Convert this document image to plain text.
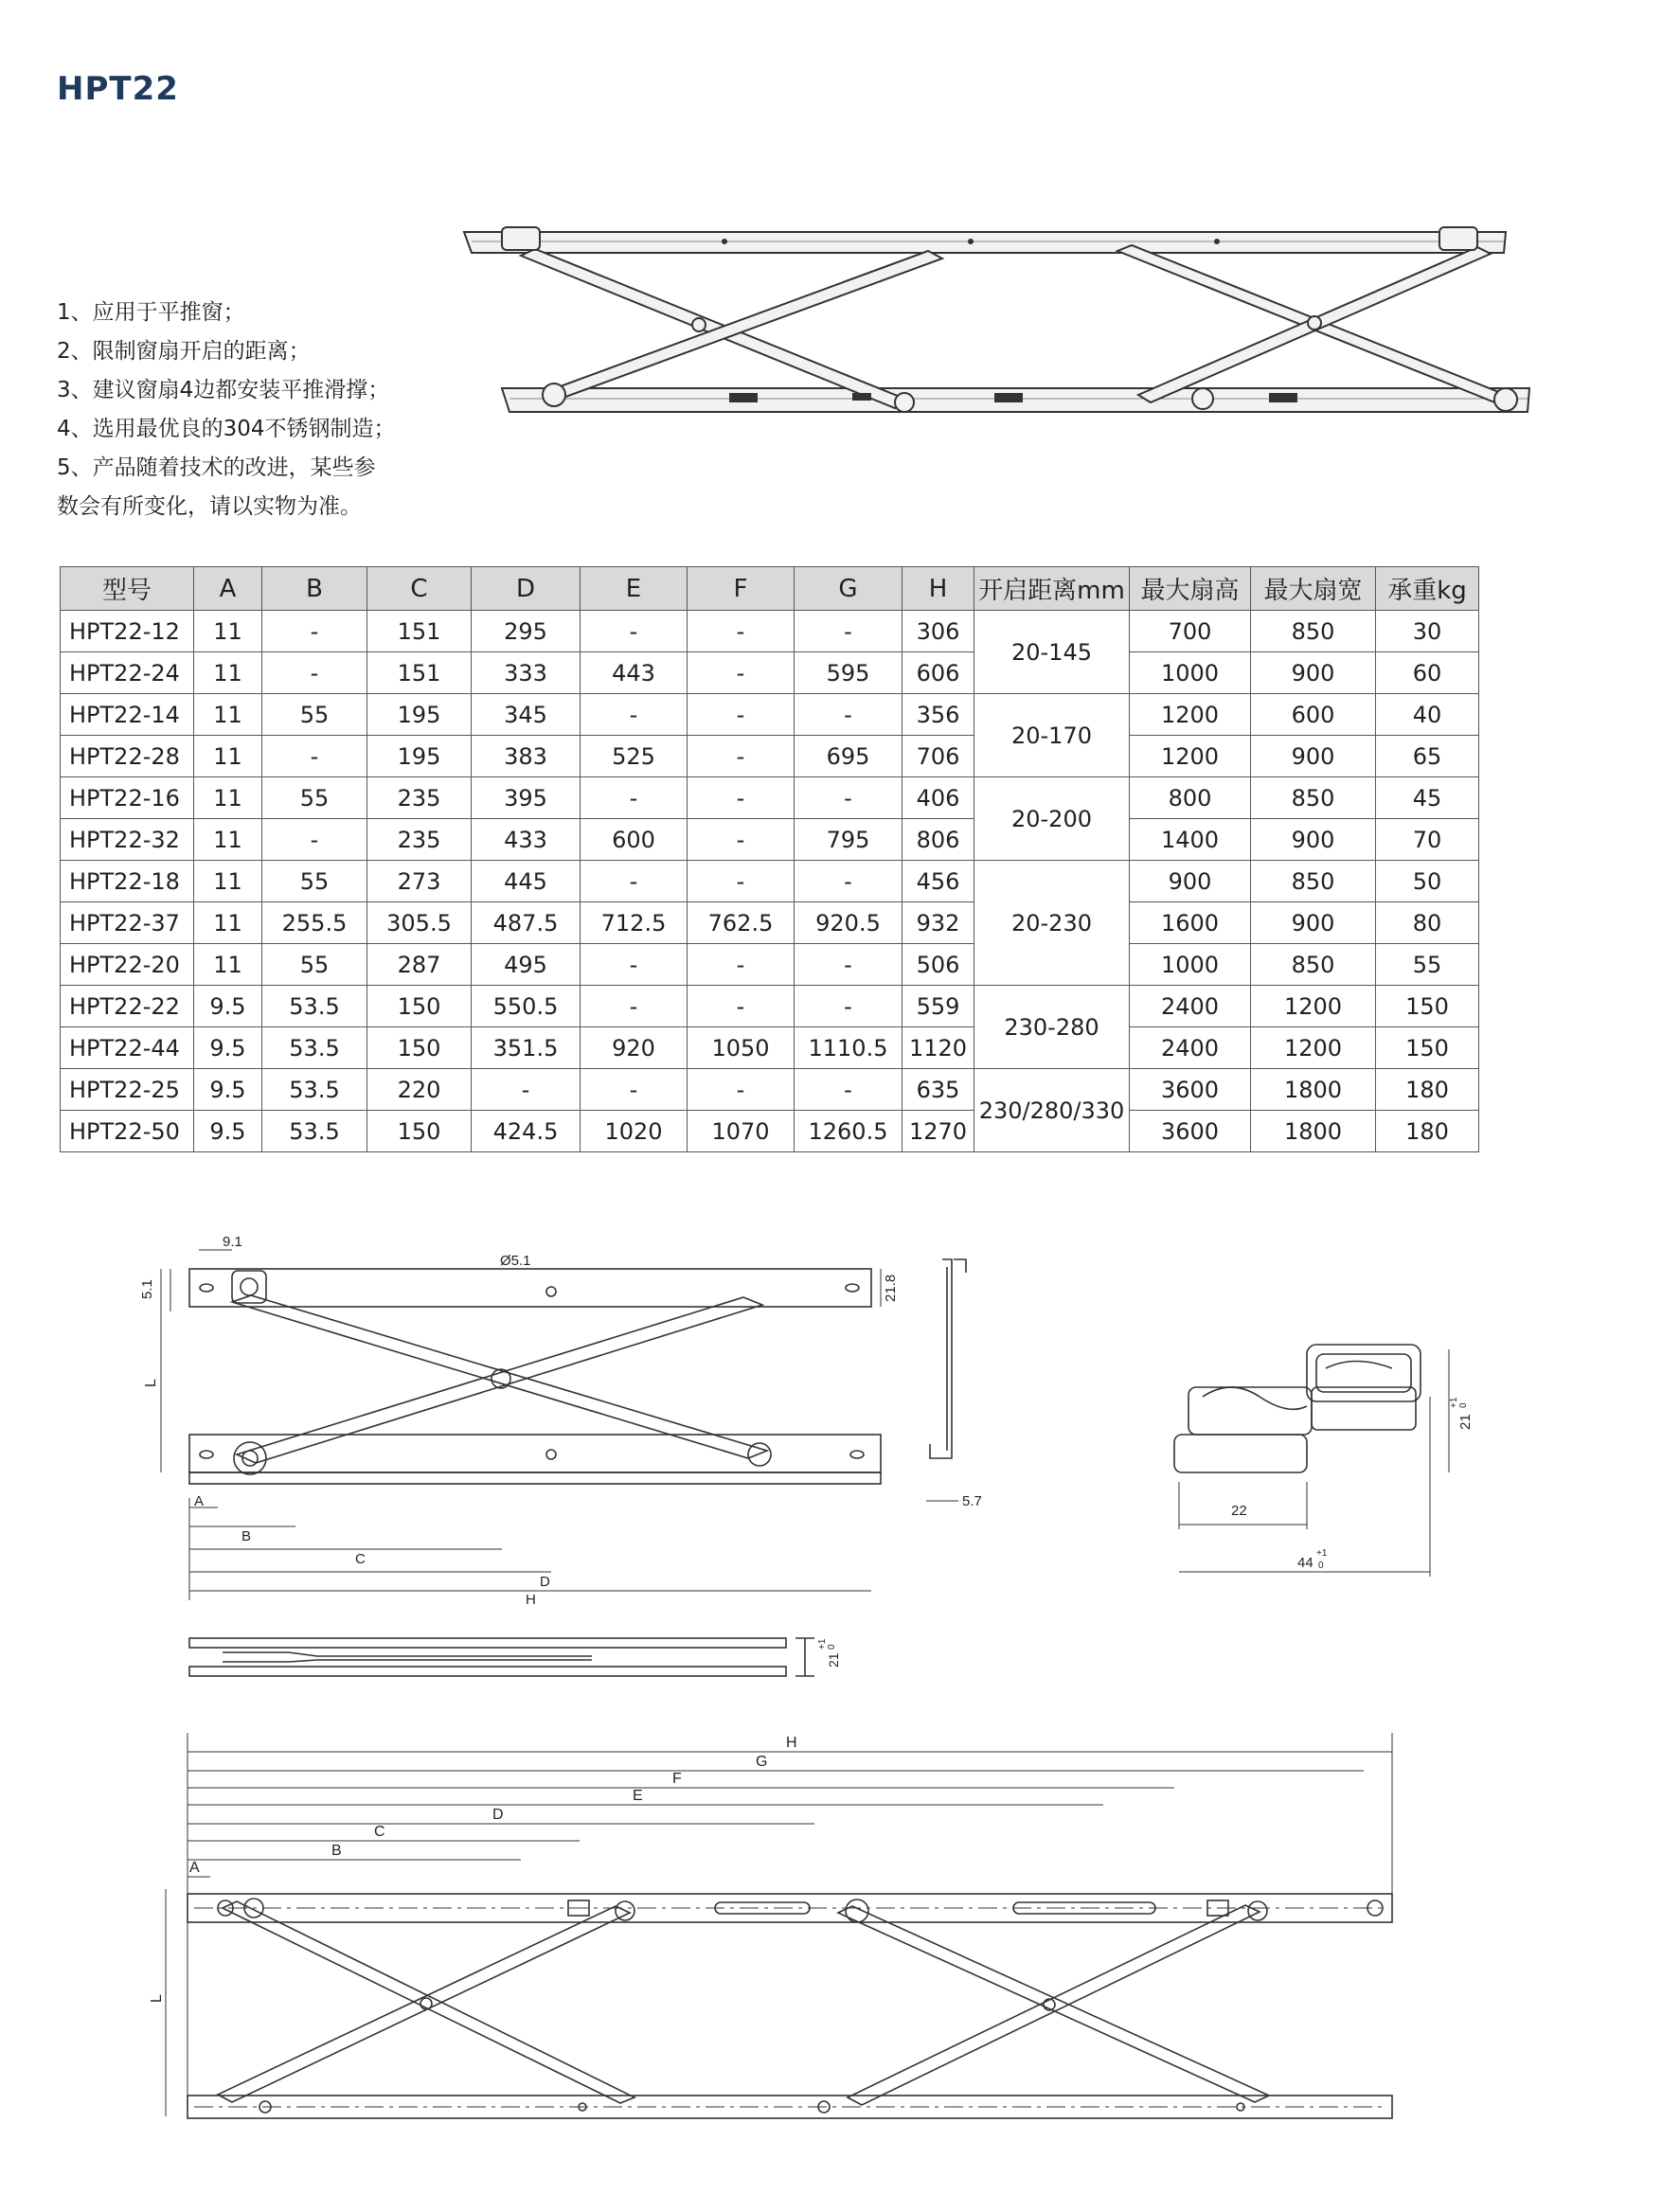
HPT22
1、应用于平推窗；
2、限制窗扇开启的距离；
3、建议窗扇4边都安装平推滑撑；
4、选用最优良的304不锈钢制造；
5、产品随着技术的改进，某些参
数会有所变化，请以实物为准。
型号	A	B	C	D	E	F	G	H	开启距离mm	最大扇高	最大扇宽	承重kg
HPT22-12	11	-	151	295	-	-	-	306	20-145	700	850	30
HPT22-24	11	-	151	333	443	-	595	606		1000	900	60
HPT22-14	11	55	195	345	-	-	-	356	20-170	1200	600	40
HPT22-28	11	-	195	383	525	-	695	706		1200	900	65
HPT22-16	11	55	235	395	-	-	-	406	20-200	800	850	45
HPT22-32	11	-	235	433	600	-	795	806		1400	900	70
HPT22-18	11	55	273	445	-	-	-	456	20-230	900	850	50
HPT22-37	11	255.5	305.5	487.5	712.5	762.5	920.5	932		1600	900	80
HPT22-20	11	55	287	495	-	-	-	506		1000	850	55
HPT22-22	9.5	53.5	150	550.5	-	-	-	559	230-280	2400	1200	150
HPT22-44	9.5	53.5	150	351.5	920	1050	1110.5	1120		2400	1200	150
HPT22-25	9.5	53.5	220	-	-	-	-	635	230/280/330	3600	1800	180
HPT22-50	9.5	53.5	150	424.5	1020	1070	1260.5	1270		3600	1800	180
9.1
Ø5.1
5.1	21.8
L
5.7
A
B
C
D
H
22
44
+1
0
21
+1 0
21
+1 0
H
G
F
E
D
C
B
A
L
